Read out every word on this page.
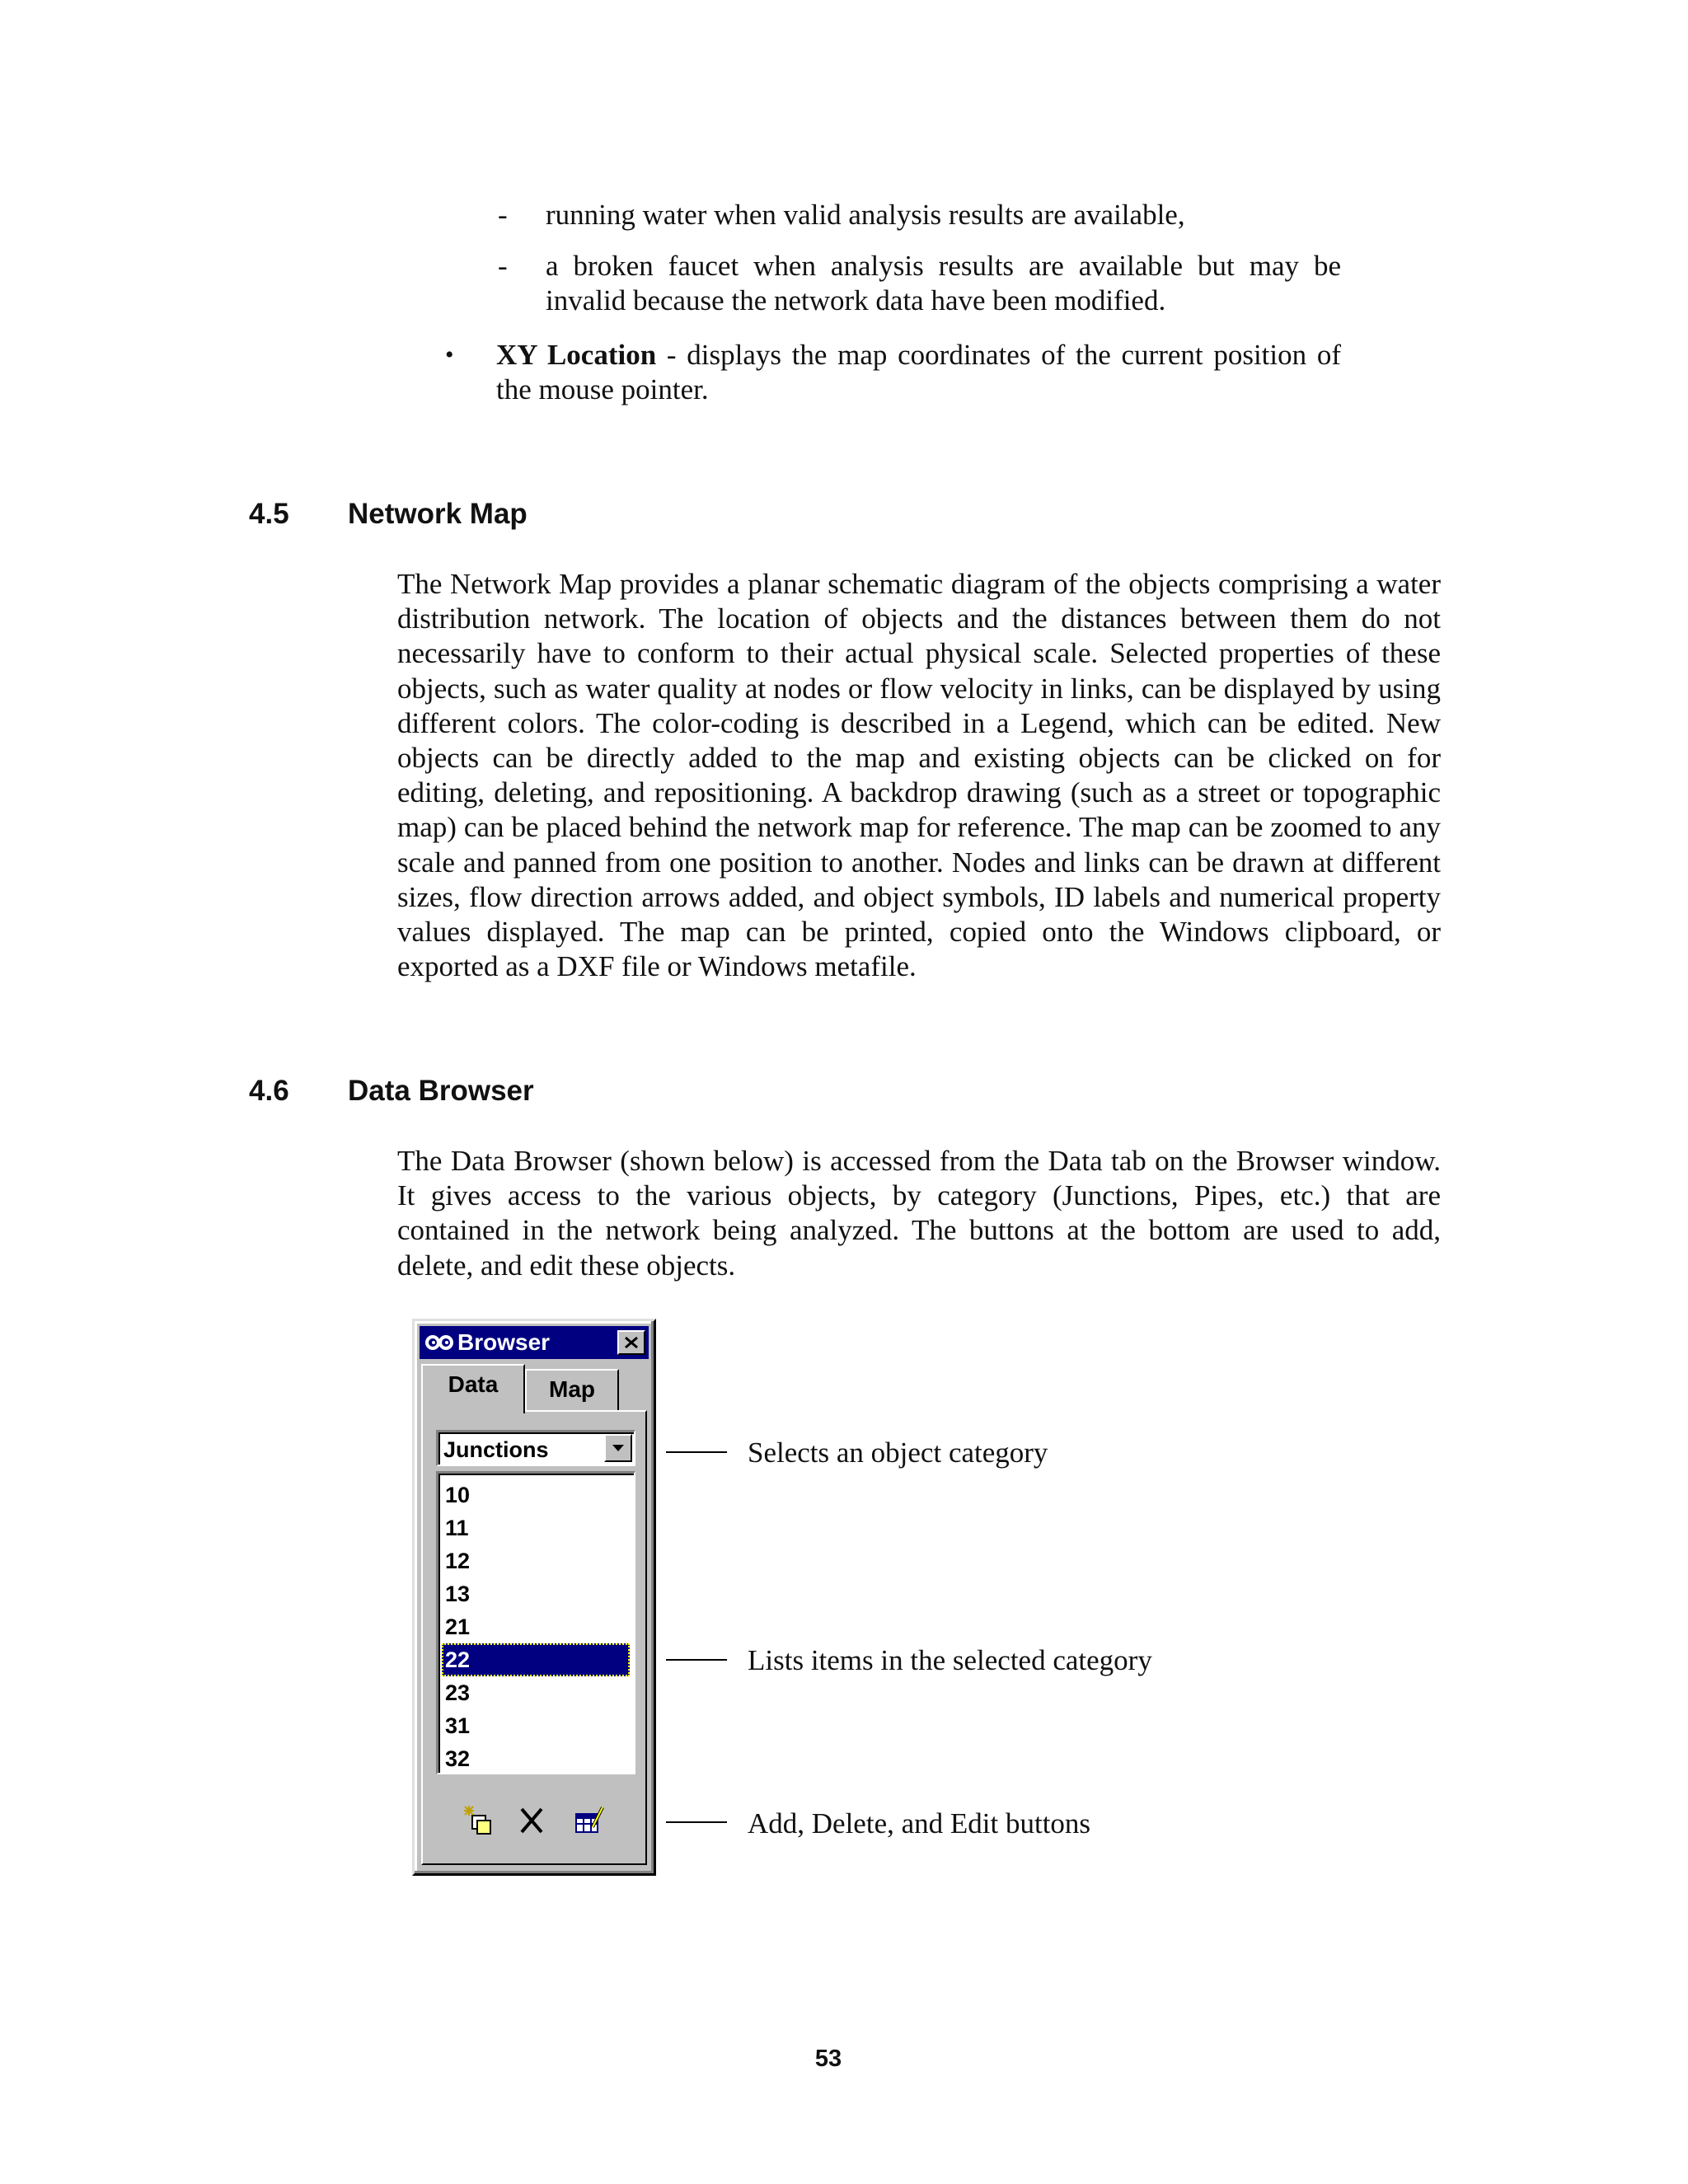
- running water when valid analysis results are available,
- a broken faucet when analysis results are available but may be invalid because the network data have been modified.
• XY Location - displays the map coordinates of the current position of the mouse pointer.
4.5 Network Map

The Network Map provides a planar schematic diagram of the objects comprising a water distribution network. The location of objects and the distances between them do not necessarily have to conform to their actual physical scale. Selected properties of these objects, such as water quality at nodes or flow velocity in links, can be displayed by using different colors. The color-coding is described in a Legend, which can be edited. New objects can be directly added to the map and existing objects can be clicked on for editing, deleting, and repositioning. A backdrop drawing (such as a street or topographic map) can be placed behind the network map for reference. The map can be zoomed to any scale and panned from one position to another. Nodes and links can be drawn at different sizes, flow direction arrows added, and object symbols, ID labels and numerical property values displayed. The map can be printed, copied onto the Windows clipboard, or exported as a DXF file or Windows metafile.

4.6 Data Browser

The Data Browser (shown below) is accessed from the Data tab on the Browser window. It gives access to the various objects, by category (Junctions, Pipes, etc.) that are contained in the network being analyzed. The buttons at the bottom are used to add, delete, and edit these objects.

Browser
Data	Map
Junctions
10
11
12
13
21
22
23
31
32
Selects an object category
Lists items in the selected category
Add, Delete, and Edit buttons
53
